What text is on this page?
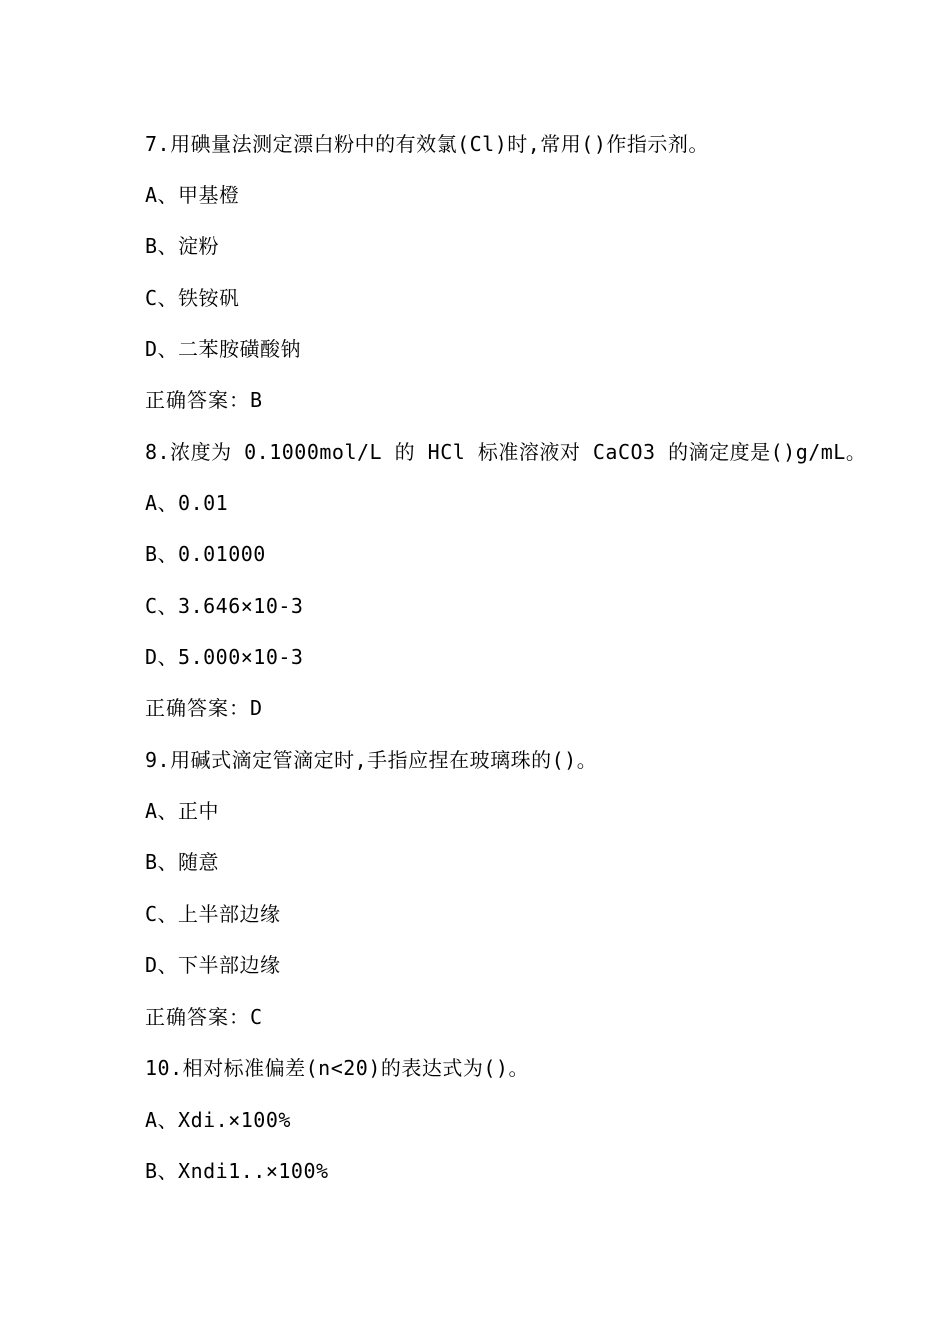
7.用碘量法测定漂白粉中的有效氯(Cl)时,常用()作指示剂。
A、甲基橙
B、淀粉
C、铁铵矾
D、二苯胺磺酸钠
正确答案：B
8.浓度为 0.1000mol/L 的 HCl 标准溶液对 CaCO3 的滴定度是()g/mL。
A、0.01
B、0.01000
C、3.646×10-3
D、5.000×10-3
正确答案：D
9.用碱式滴定管滴定时,手指应捏在玻璃珠的()。
A、正中
B、随意
C、上半部边缘
D、下半部边缘
正确答案：C
10.相对标准偏差(n<20)的表达式为()。
A、Xdi.×100%
B、Xndi1..×100%
